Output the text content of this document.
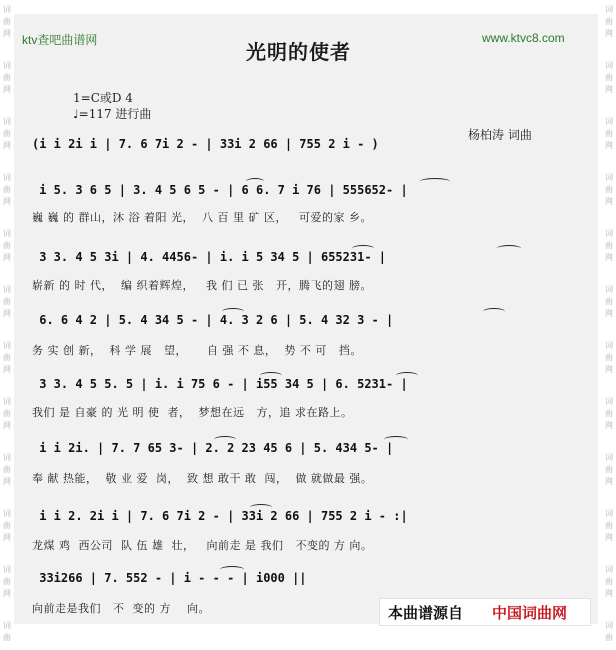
词
曲
网
词
曲
网
词
曲
网
词
曲
网
词
曲
网
词
曲
网
词
曲
网
词
曲
网
词
曲
网
词
曲
网
词
曲
网
词
曲
词
曲
网
词
曲
网
词
曲
网
词
曲
网
词
曲
网
词
曲
网
词
曲
网
词
曲
网
词
曲
网
词
曲
网
词
曲
网
词
曲
ktv查吧曲谱网	www.ktvc8.com
光明的使者
1=C或D 4
♩=117 进行曲
杨柏涛 词曲
(i i 2i i | 7. 6 7i 2 - | 33i 2 66 | 755 2 i - )
i 5. 3 6 5 | 3. 4 5 6 5 - | 6 6. 7 i 76 | 555652- |
巍 巍 的 群山，沐 浴 着阳 光，  八 百 里 矿 区，   可爱的家 乡。
3 3. 4 5 3i | 4. 4456- | i. i 5 34 5 | 655231- |
崭新 的 时 代，  编 织着辉煌，   我 们 已 张   开，腾飞的翅 膀。
6. 6 4 2 | 5. 4 34 5 - | 4. 3 2 6 | 5. 4 32 3 - |
务 实 创 新，  科 学 展   望，     自 强 不 息，  势 不 可   挡。
3 3. 4 5 5. 5 | i. i 75 6 - | i55 34 5 | 6. 5231- |
我们 是 自豪 的 光 明 使  者，  梦想在远   方，追 求在路上。
i i 2i. | 7. 7 65 3- | 2. 2 23 45 6 | 5. 434 5- |
奉 献 热能，  敬 业 爱  岗，  致 想 敢干 敢  闯，  做 就做最 强。
i i 2. 2i i | 7. 6 7i 2 - | 33i 2 66 | 755 2 i - :|
龙煤 鸡  西公司  队 伍 雄  壮，   向前走 是 我们   不变的 方 向。
33i266 | 7. 552 - | i - - - | i000 ||
向前走是我们   不  变的 方    向。	本曲谱源自 中国词曲网
